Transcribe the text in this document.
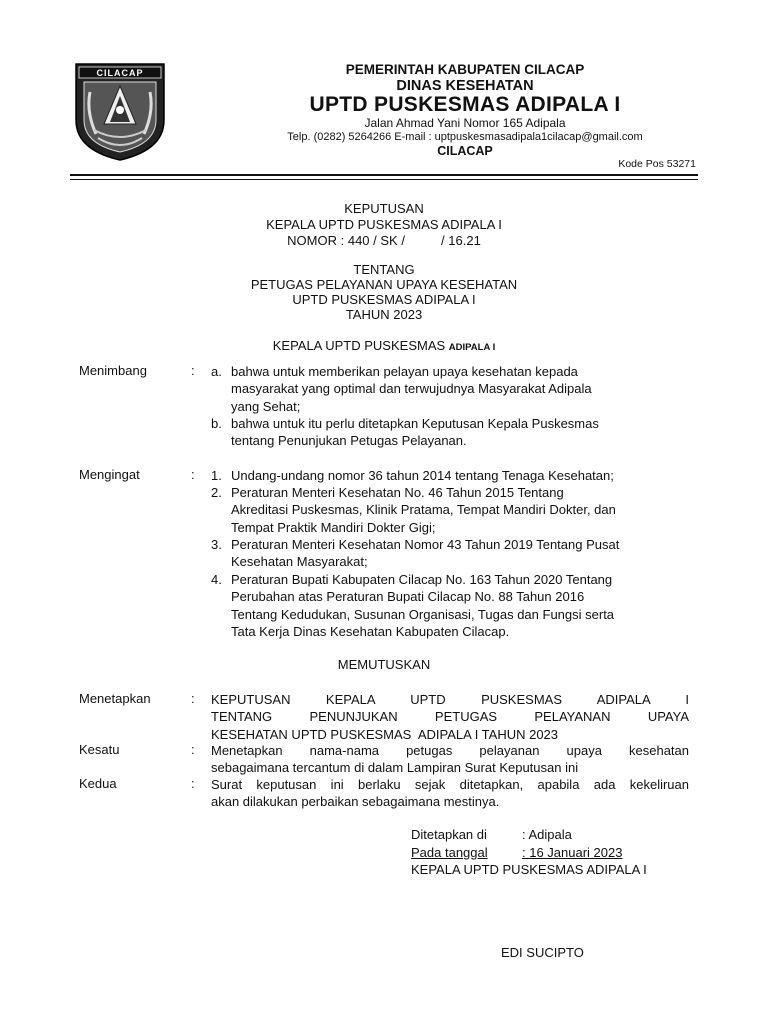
CILACAP	PEMERINTAH KABUPATEN CILACAP
DINAS KESEHATAN
UPTD PUSKESMAS ADIPALA I
Jalan Ahmad Yani Nomor 165 Adipala
Telp. (0282) 5264266 E-mail : uptpuskesmasadipala1cilacap@gmail.com
CILACAP
Kode Pos 53271
KEPUTUSAN
KEPALA UPTD PUSKESMAS ADIPALA I
NOMOR : 440 / SK /          / 16.21
TENTANG
PETUGAS PELAYANAN UPAYA KESEHATAN
UPTD PUSKESMAS ADIPALA I
TAHUN 2023
KEPALA UPTD PUSKESMAS ADIPALA I
Menimbang	: a. bahwa untuk memberikan pelayan upaya kesehatan kepada
masyarakat yang optimal dan terwujudnya Masyarakat Adipala
yang Sehat;
b. bahwa untuk itu perlu ditetapkan Keputusan Kepala Puskesmas
tentang Penunjukan Petugas Pelayanan.
Mengingat	: 1. Undang-undang nomor 36 tahun 2014 tentang Tenaga Kesehatan;
2. Peraturan Menteri Kesehatan No. 46 Tahun 2015 Tentang
Akreditasi Puskesmas, Klinik Pratama, Tempat Mandiri Dokter, dan
Tempat Praktik Mandiri Dokter Gigi;
3. Peraturan Menteri Kesehatan Nomor 43 Tahun 2019 Tentang Pusat
Kesehatan Masyarakat;
4. Peraturan Bupati Kabupaten Cilacap No. 163 Tahun 2020 Tentang
Perubahan atas Peraturan Bupati Cilacap No. 88 Tahun 2016
Tentang Kedudukan, Susunan Organisasi, Tugas dan Fungsi serta
Tata Kerja Dinas Kesehatan Kabupaten Cilacap.
MEMUTUSKAN
Menetapkan	: KEPUTUSAN KEPALA UPTD PUSKESMAS ADIPALA I
TENTANG PENUNJUKAN PETUGAS PELAYANAN UPAYA
KESEHATAN UPTD PUSKESMAS  ADIPALA I TAHUN 2023
Kesatu	: Menetapkan nama-nama petugas pelayanan upaya kesehatan
sebagaimana tercantum di dalam Lampiran Surat Keputusan ini
Kedua	: Surat keputusan ini berlaku sejak ditetapkan, apabila ada kekeliruan
akan dilakukan perbaikan sebagaimana mestinya.
Ditetapkan di	: Adipala
Pada tanggal	: 16 Januari 2023
KEPALA UPTD PUSKESMAS ADIPALA I
EDI SUCIPTO
